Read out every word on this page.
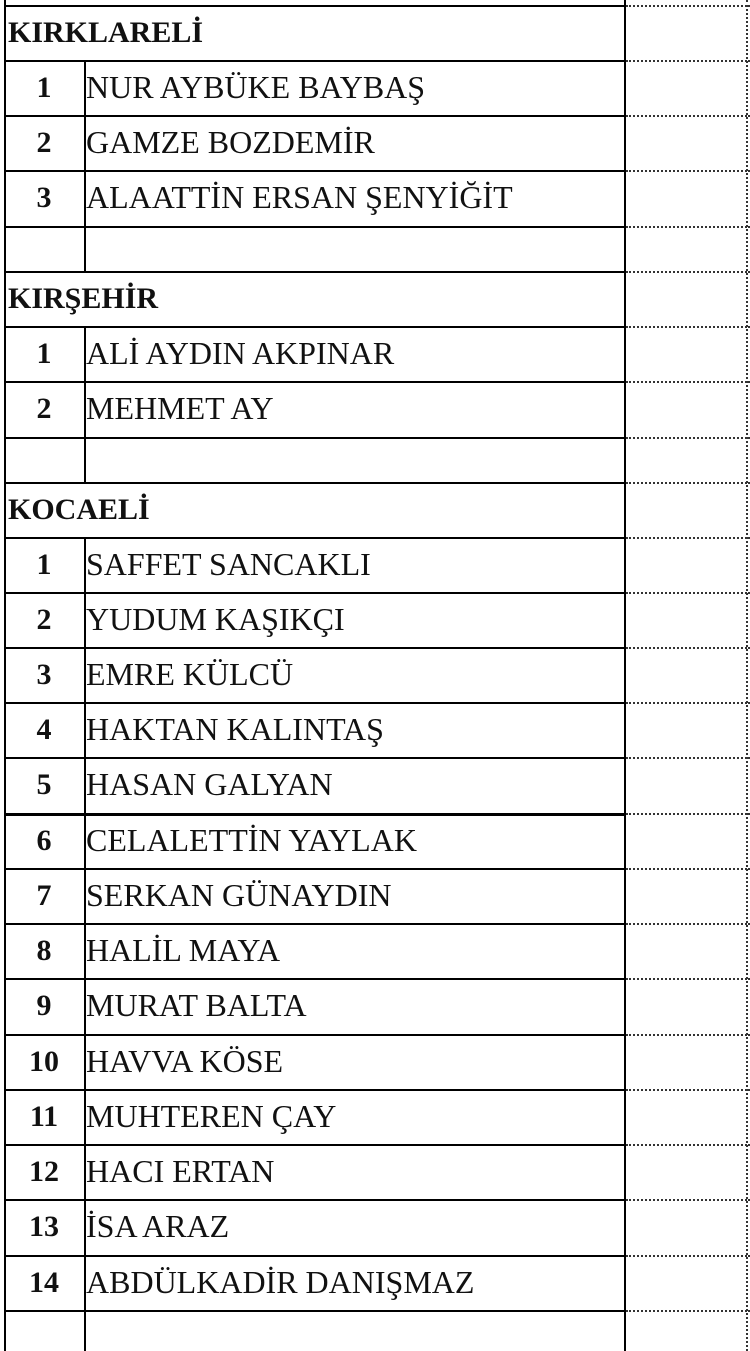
KIRKLARELİ
1	NUR AYBÜKE BAYBAŞ
2	GAMZE BOZDEMİR
3	ALAATTİN ERSAN ŞENYİĞİT
KIRŞEHİR
1	ALİ AYDIN AKPINAR
2	MEHMET AY
KOCAELİ
1	SAFFET SANCAKLI
2	YUDUM KAŞIKÇI
3	EMRE KÜLCÜ
4	HAKTAN KALINTAŞ
5	HASAN GALYAN
6	CELALETTİN YAYLAK
7	SERKAN GÜNAYDIN
8	HALİL MAYA
9	MURAT BALTA
10 HAVVA KÖSE
11 MUHTEREN ÇAY
12 HACI ERTAN
13 İSA ARAZ
14 ABDÜLKADİR DANIŞMAZ
